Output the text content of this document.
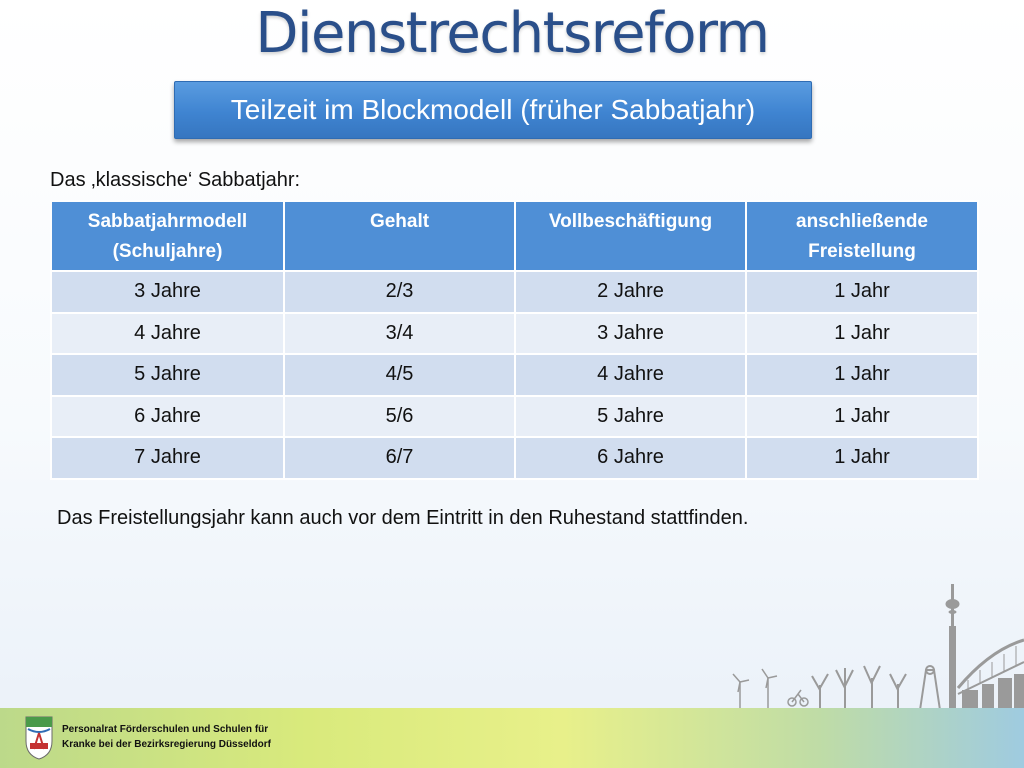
Dienstrechtsreform
Teilzeit im Blockmodell (früher Sabbatjahr)
Das ‚klassische‘ Sabbatjahr:
Sabbatjahrmodell (Schuljahre)	Gehalt	Vollbeschäftigung	anschließende Freistellung
3 Jahre	2/3	2 Jahre	1 Jahr
4 Jahre	3/4	3 Jahre	1 Jahr
5 Jahre	4/5	4 Jahre	1 Jahr
6 Jahre	5/6	5 Jahre	1 Jahr
7 Jahre	6/7	6 Jahre	1 Jahr
Das Freistellungsjahr kann auch vor dem Eintritt in den Ruhestand stattfinden.
Personalrat Förderschulen und Schulen für
Kranke bei der Bezirksregierung Düsseldorf
